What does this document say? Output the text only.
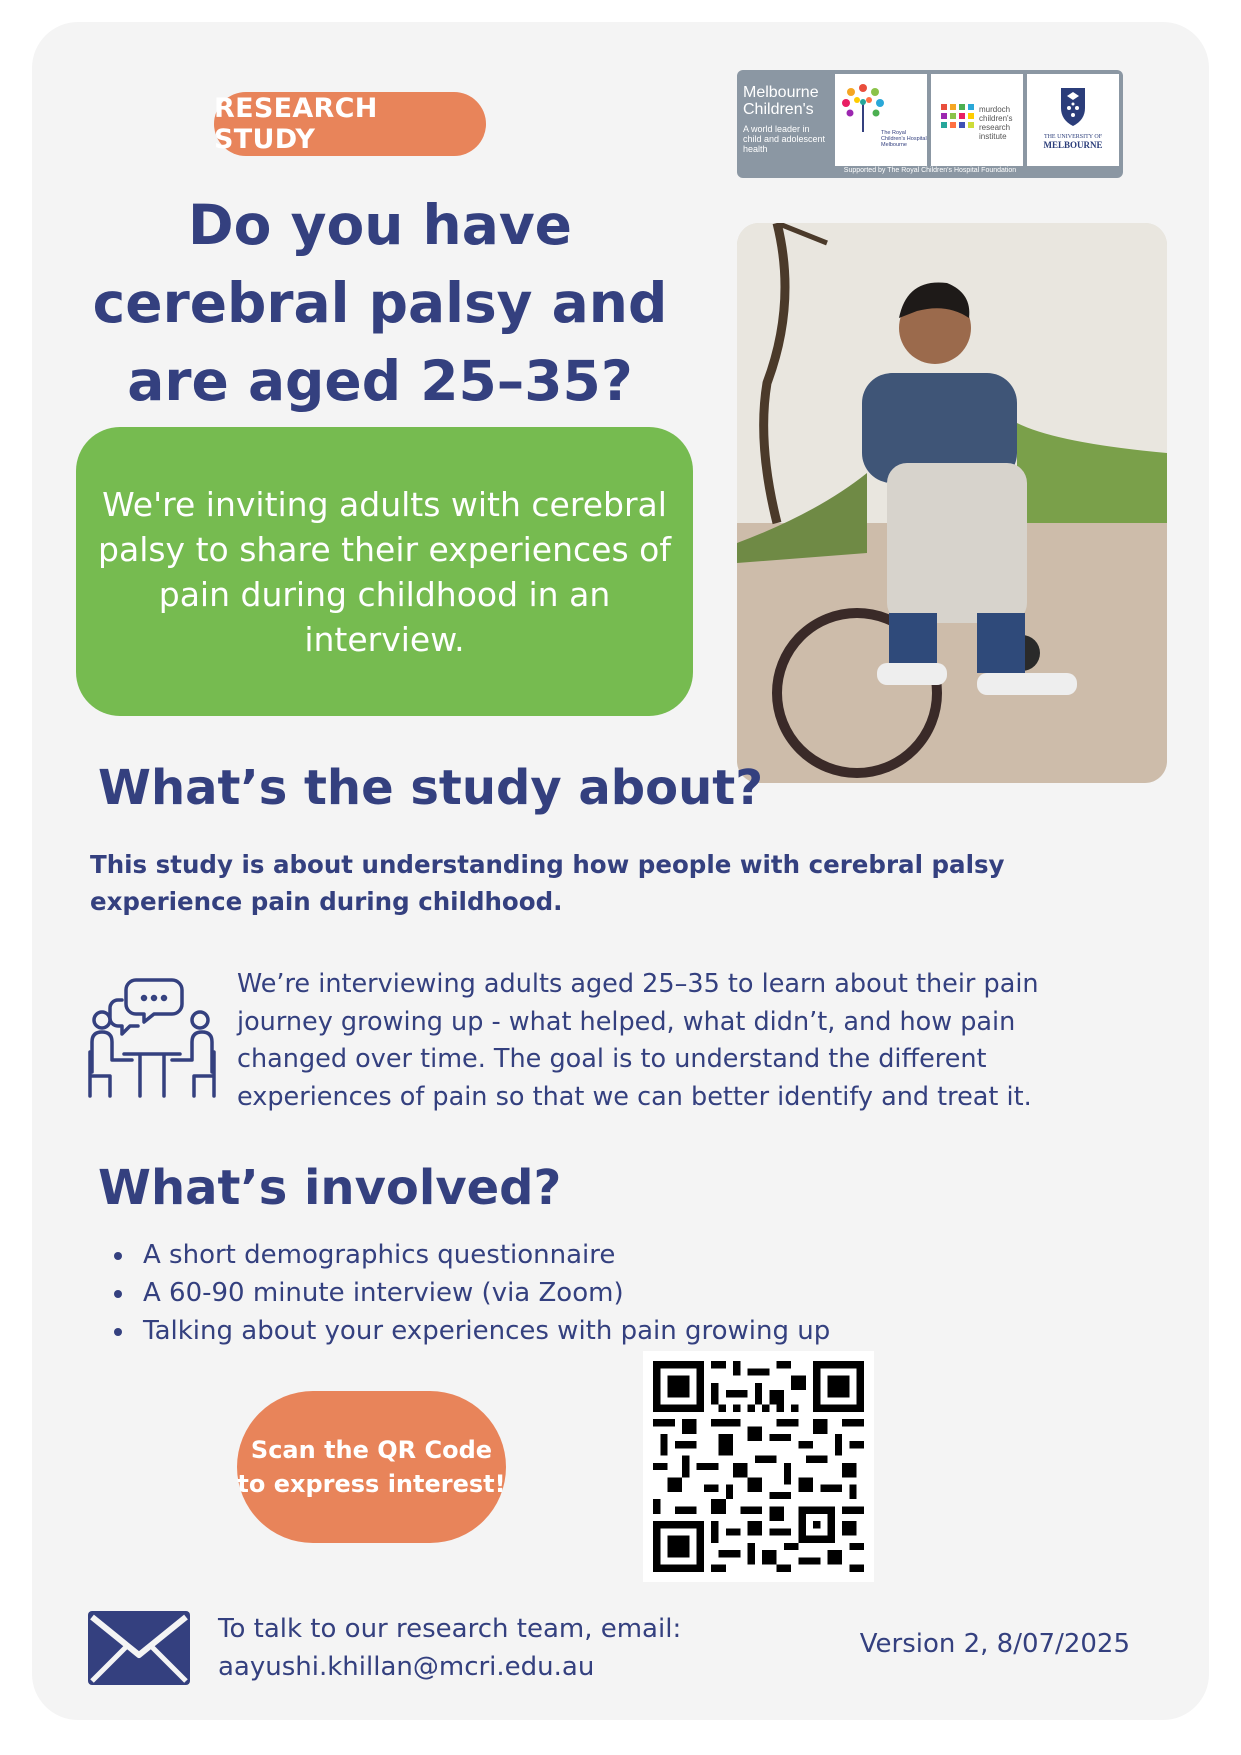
RESEARCH STUDY
Melbourne Children's
A world leader in child and adolescent health
The Royal Children's Hospital Melbourne
murdoch children's research institute	THE UNIVERSITY OF
MELBOURNE
Supported by The Royal Children's Hospital Foundation
Do you have cerebral palsy and are aged 25–35?

We're inviting adults with cerebral palsy to share their experiences of pain during childhood in an interview.

What’s the study about?

This study is about understanding how people with cerebral palsy experience pain during childhood.

We’re interviewing adults aged 25–35 to learn about their pain journey growing up - what helped, what didn’t, and how pain changed over time. The goal is to understand the different experiences of pain so that we can better identify and treat it.

What’s involved?
A short demographics questionnaire
A 60-90 minute interview (via Zoom)
Talking about your experiences with pain growing up
Scan the QR Code
to express interest!

To talk to our research team, email:
aayushi.khillan@mcri.edu.au

Version 2, 8/07/2025
